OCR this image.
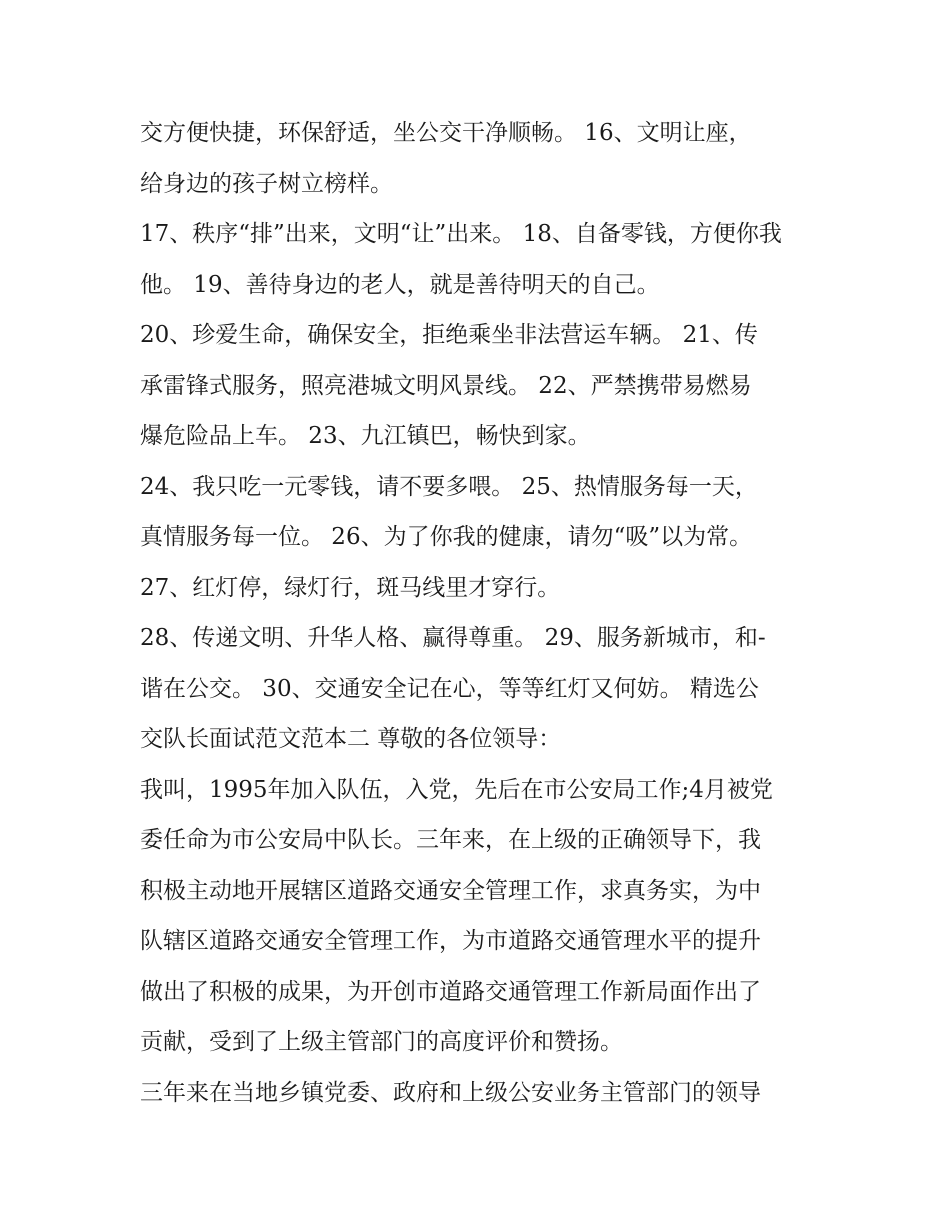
交方便快捷，环保舒适，坐公交干净顺畅。 16、文明让座，
给身边的孩子树立榜样。
17、秩序“排”出来，文明“让”出来。 18、自备零钱，方便你我
他。 19、善待身边的老人，就是善待明天的自己。
20、珍爱生命，确保安全，拒绝乘坐非法营运车辆。 21、传
承雷锋式服务，照亮港城文明风景线。 22、严禁携带易燃易
爆危险品上车。 23、九江镇巴，畅快到家。
24、我只吃一元零钱，请不要多喂。 25、热情服务每一天，
真情服务每一位。 26、为了你我的健康，请勿“吸”以为常。
27、红灯停，绿灯行，斑马线里才穿行。
28、传递文明、升华人格、赢得尊重。 29、服务新城市，和-
谐在公交。 30、交通安全记在心，等等红灯又何妨。 精选公
交队长面试范文范本二 尊敬的各位领导：
我叫，1995年加入队伍，入党，先后在市公安局工作;4月被党
委任命为市公安局中队长。三年来，在上级的正确领导下，我
积极主动地开展辖区道路交通安全管理工作，求真务实，为中
队辖区道路交通安全管理工作，为市道路交通管理水平的提升
做出了积极的成果，为开创市道路交通管理工作新局面作出了
贡献，受到了上级主管部门的高度评价和赞扬。
三年来在当地乡镇党委、政府和上级公安业务主管部门的领导
